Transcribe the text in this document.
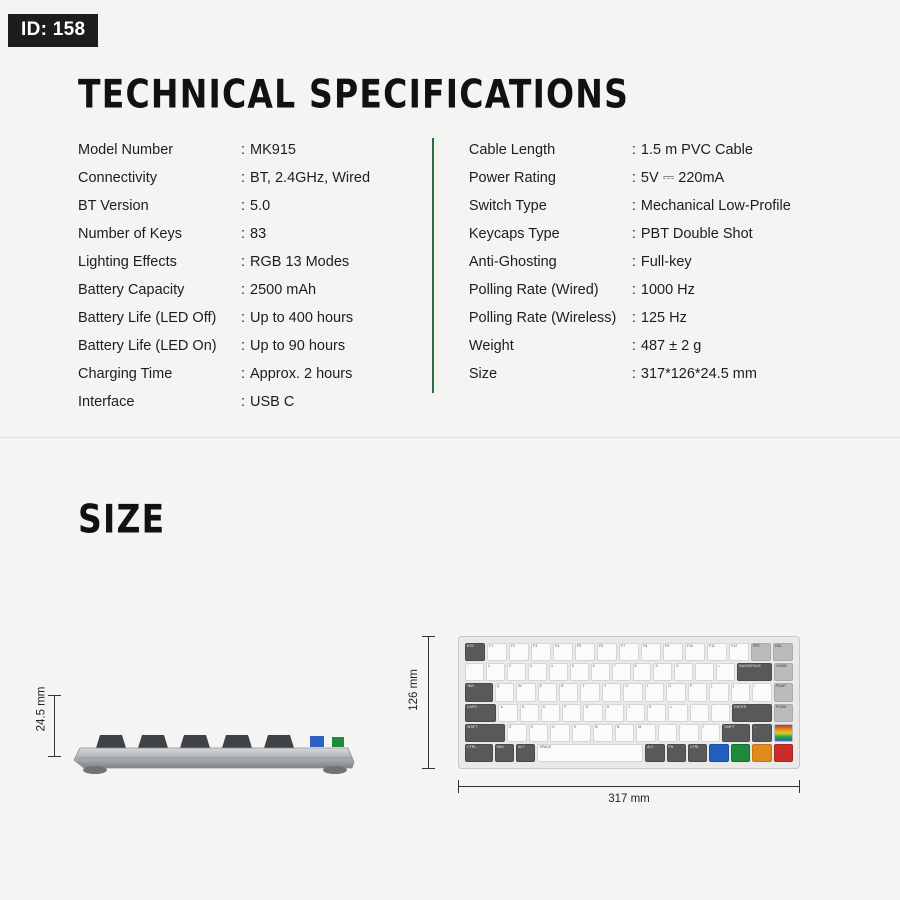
ID: 158
TECHNICAL SPECIFICATIONS
Model Number	: MK915
Connectivity	: BT, 2.4GHz, Wired
BT Version	: 5.0
Number of Keys	: 83
Lighting Effects	: RGB 13 Modes
Battery Capacity	: 2500 mAh
Battery Life (LED Off)	: Up to 400 hours
Battery Life (LED On)	: Up to 90 hours
Charging Time	: Approx. 2 hours
Interface	: USB C
Cable Length	: 1.5 m PVC Cable
Power Rating	: 5V ⎓ 220mA
Switch Type	: Mechanical Low-Profile
Keycaps Type	: PBT Double Shot
Anti-Ghosting	: Full-key
Polling Rate (Wired)	: 1000 Hz
Polling Rate (Wireless)	: 125 Hz
Weight	: 487 ± 2 g
Size	: 317*126*24.5 mm
SIZE
24.5 mm	126 mm
ESC	F1	F2	F3	F4	F5	F6	F7	F8	F9	F10	F11	F12	PRT	DEL
~	1	2	3	4	5	6	7	8	9	0	-	=	BACKSPACE	HOME
TAB	Q	W	E	R	T	Y	U	I	O	P	[	]	\	PGUP
CAPS	A	S	D	F	G	H	J	K	L	;	'	ENTER	PGDN
SHIFT	Z	X	C	V	B	N	M	,	.	/	SHIFT	↑
CTRL	WIN	ALT	SPACE	ALT	FN	CTRL
317 mm
